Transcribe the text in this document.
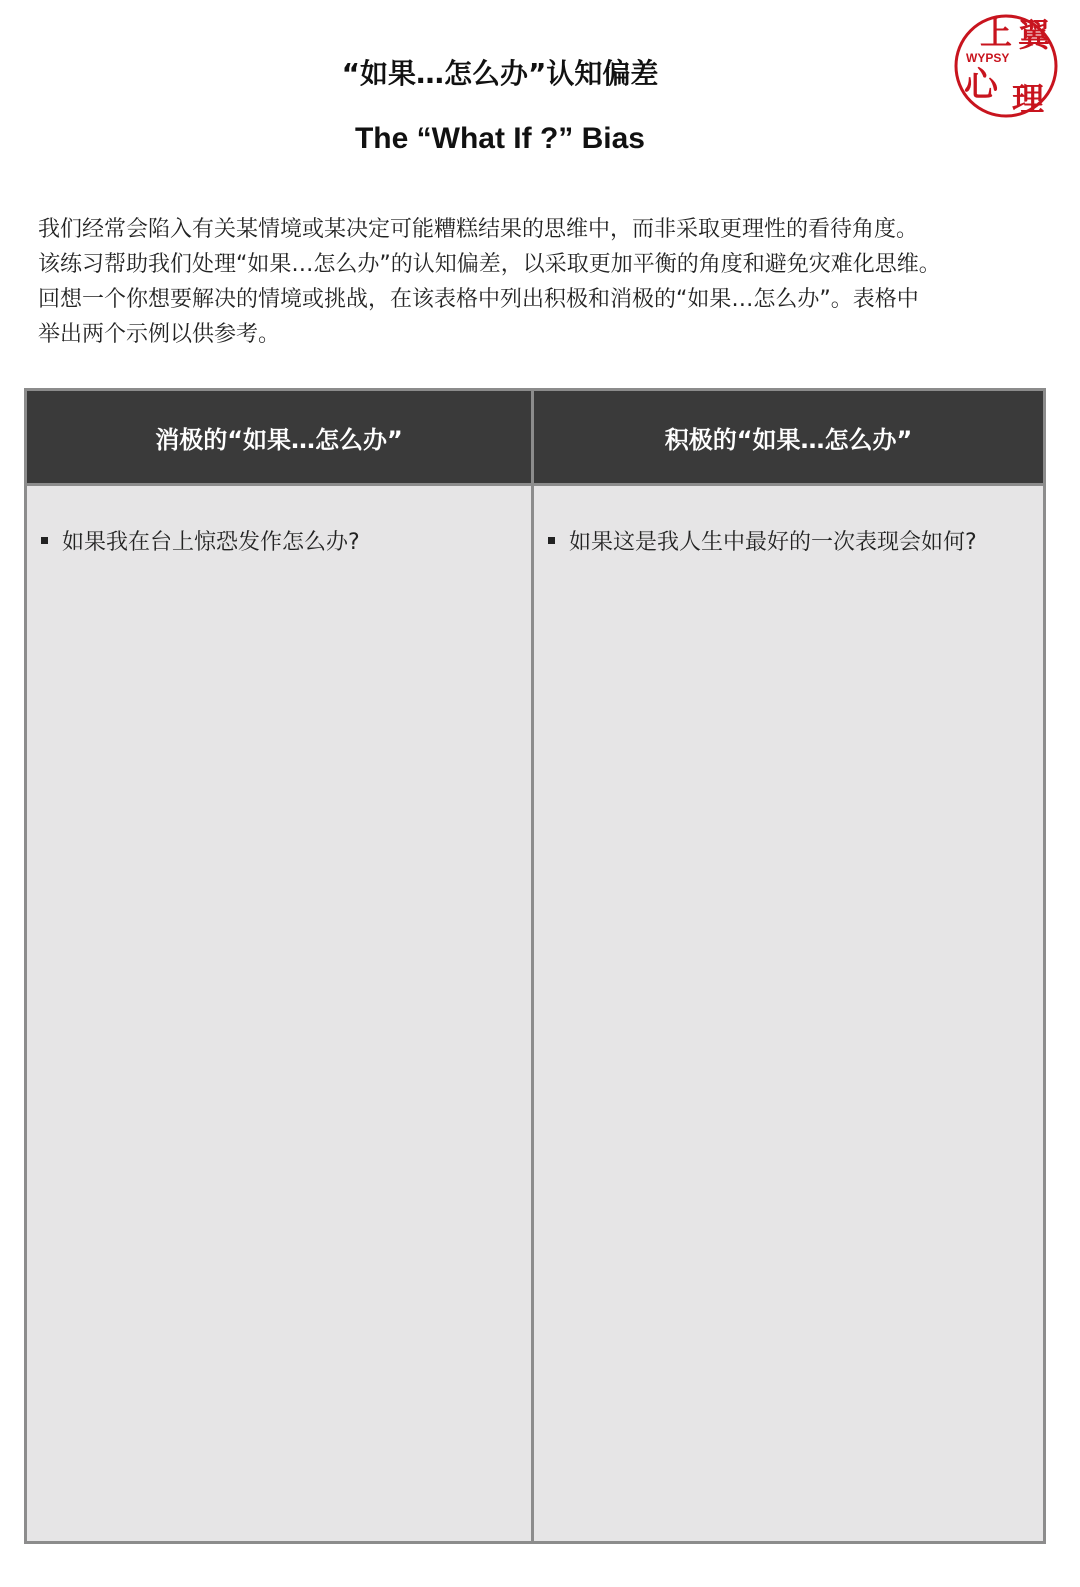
“如果…怎么办”认知偏差
The “What If ?” Bias
上 翼
WYPSY
心 理

我们经常会陷入有关某情境或某决定可能糟糕结果的思维中，而非采取更理性的看待角度。

该练习帮助我们处理“如果…怎么办”的认知偏差，以采取更加平衡的角度和避免灾难化思维。

回想一个你想要解决的情境或挑战，在该表格中列出积极和消极的“如果…怎么办”。表格中

举出两个示例以供参考。

消极的“如果…怎么办”
如果我在台上惊恐发作怎么办?
积极的“如果…怎么办”
如果这是我人生中最好的一次表现会如何?
